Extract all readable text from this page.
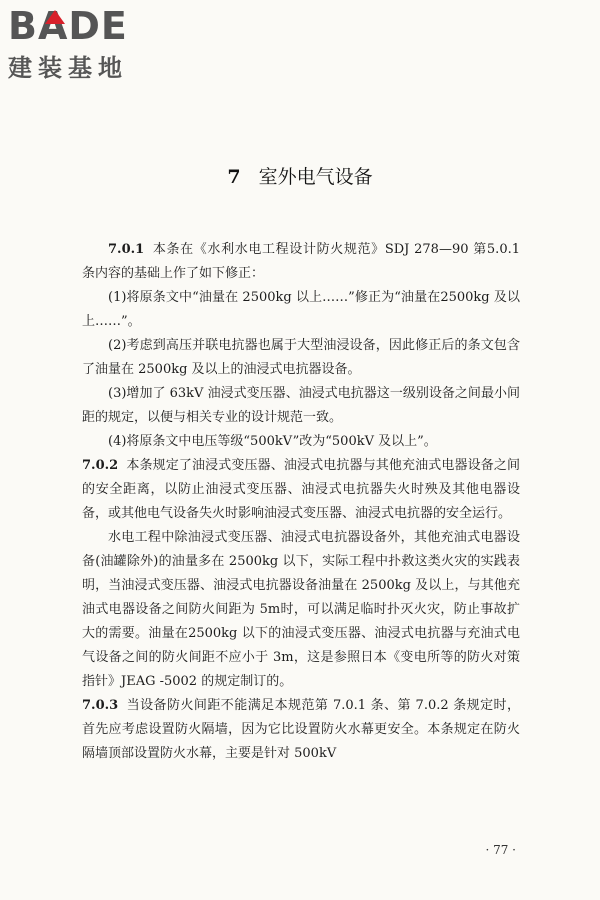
B A DE
建装基地
7 室外电气设备

7.0.1 本条在《水利水电工程设计防火规范》SDJ 278—90 第5.0.1 条内容的基础上作了如下修正：

(1)将原条文中“油量在 2500kg 以上……”修正为“油量在2500kg 及以上……”。

(2)考虑到高压并联电抗器也属于大型油浸设备，因此修正后的条文包含了油量在 2500kg 及以上的油浸式电抗器设备。

(3)增加了 63kV 油浸式变压器、油浸式电抗器这一级别设备之间最小间距的规定，以便与相关专业的设计规范一致。

(4)将原条文中电压等级“500kV”改为“500kV 及以上”。

7.0.2 本条规定了油浸式变压器、油浸式电抗器与其他充油式电器设备之间的安全距离，以防止油浸式变压器、油浸式电抗器失火时殃及其他电器设备，或其他电气设备失火时影响油浸式变压器、油浸式电抗器的安全运行。

水电工程中除油浸式变压器、油浸式电抗器设备外，其他充油式电器设备(油罐除外)的油量多在 2500kg 以下，实际工程中扑救这类火灾的实践表明，当油浸式变压器、油浸式电抗器设备油量在 2500kg 及以上，与其他充油式电器设备之间防火间距为 5m时，可以满足临时扑灭火灾，防止事故扩大的需要。油量在2500kg 以下的油浸式变压器、油浸式电抗器与充油式电气设备之间的防火间距不应小于 3m，这是参照日本《变电所等的防火对策指针》JEAG -5002 的规定制订的。

7.0.3 当设备防火间距不能满足本规范第 7.0.1 条、第 7.0.2 条规定时，首先应考虑设置防火隔墙，因为它比设置防火水幕更安全。本条规定在防火隔墙顶部设置防火水幕，主要是针对 500kV

· 77 ·
